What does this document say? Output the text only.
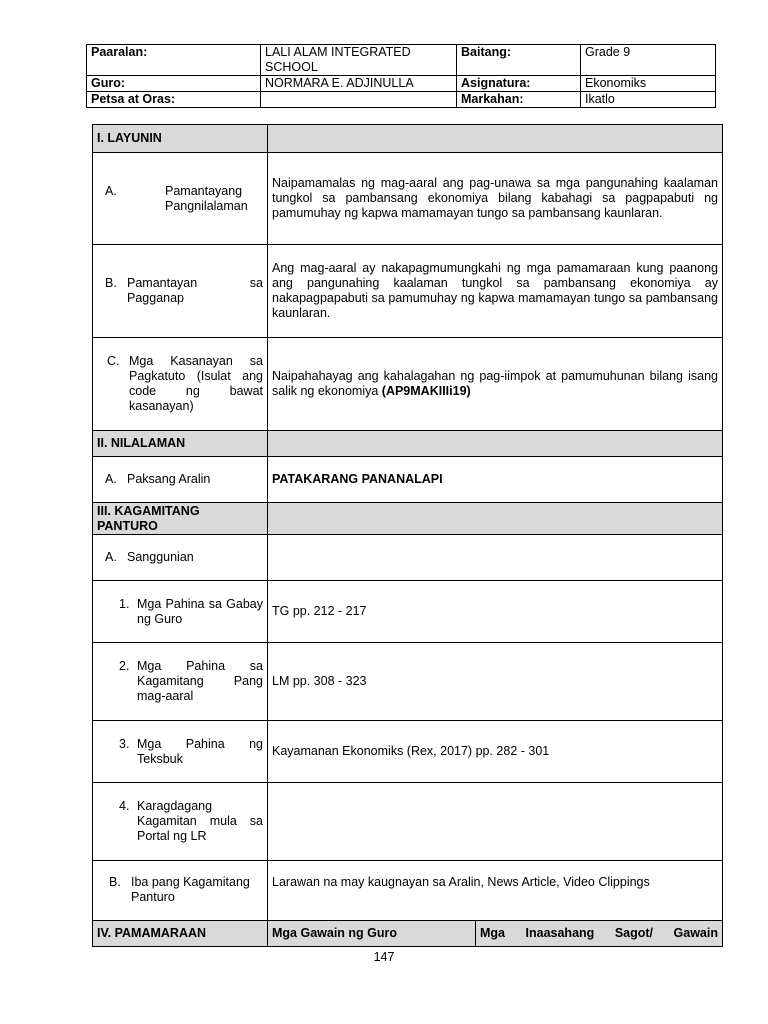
Paaralan:	LALI ALAM INTEGRATED SCHOOL	Baitang:	Grade 9
Guro:	NORMARA E. ADJINULLA	Asignatura:	Ekonomiks
Petsa at Oras:		Markahan:	Ikatlo
I. LAYUNIN		

A. Pamantayang Pangnilalaman	Naipamamalas ng mag-aaral ang pag-unawa sa mga pangunahing kaalaman tungkol sa pambansang ekonomiya bilang kabahagi sa pagpapabuti ng pamumuhay ng kapwa mamamayan tungo sa pambansang kaunlaran.	

B. Pamantayan sa Pagganap	Ang mag-aaral ay nakapagmumungkahi ng mga pamamaraan kung paanong ang pangunahing kaalaman tungkol sa pambansang ekonomiya ay nakapagpapabuti sa pamumuhay ng kapwa mamamayan tungo sa pambansang kaunlaran.	

C. Mga Kasanayan sa Pagkatuto (Isulat ang code ng bawat kasanayan)	Naipahahayag ang kahalagahan ng pag-iimpok at pamumuhunan bilang isang salik ng ekonomiya (AP9MAKIIIi19)	
II. NILALAMAN		

A. Paksang Aralin	PATAKARANG PANANALAPI	

III. KAGAMITANG PANTURO		

A. Sanggunian		

1. Mga Pahina sa Gabay ng Guro	TG pp. 212 - 217	

2. Mga Pahina sa Kagamitang Pang mag-aaral	LM pp. 308 - 323	

3. Mga Pahina ng Teksbuk	Kayamanan Ekonomiks (Rex, 2017) pp. 282 - 301	

4. Karagdagang Kagamitan mula sa Portal ng LR		

B. Iba pang Kagamitang Panturo	Larawan na may kaugnayan sa Aralin, News Article, Video Clippings	
IV. PAMAMARAAN	Mga Gawain ng Guro	Mga Inaasahang Sagot/ Gawain
147
